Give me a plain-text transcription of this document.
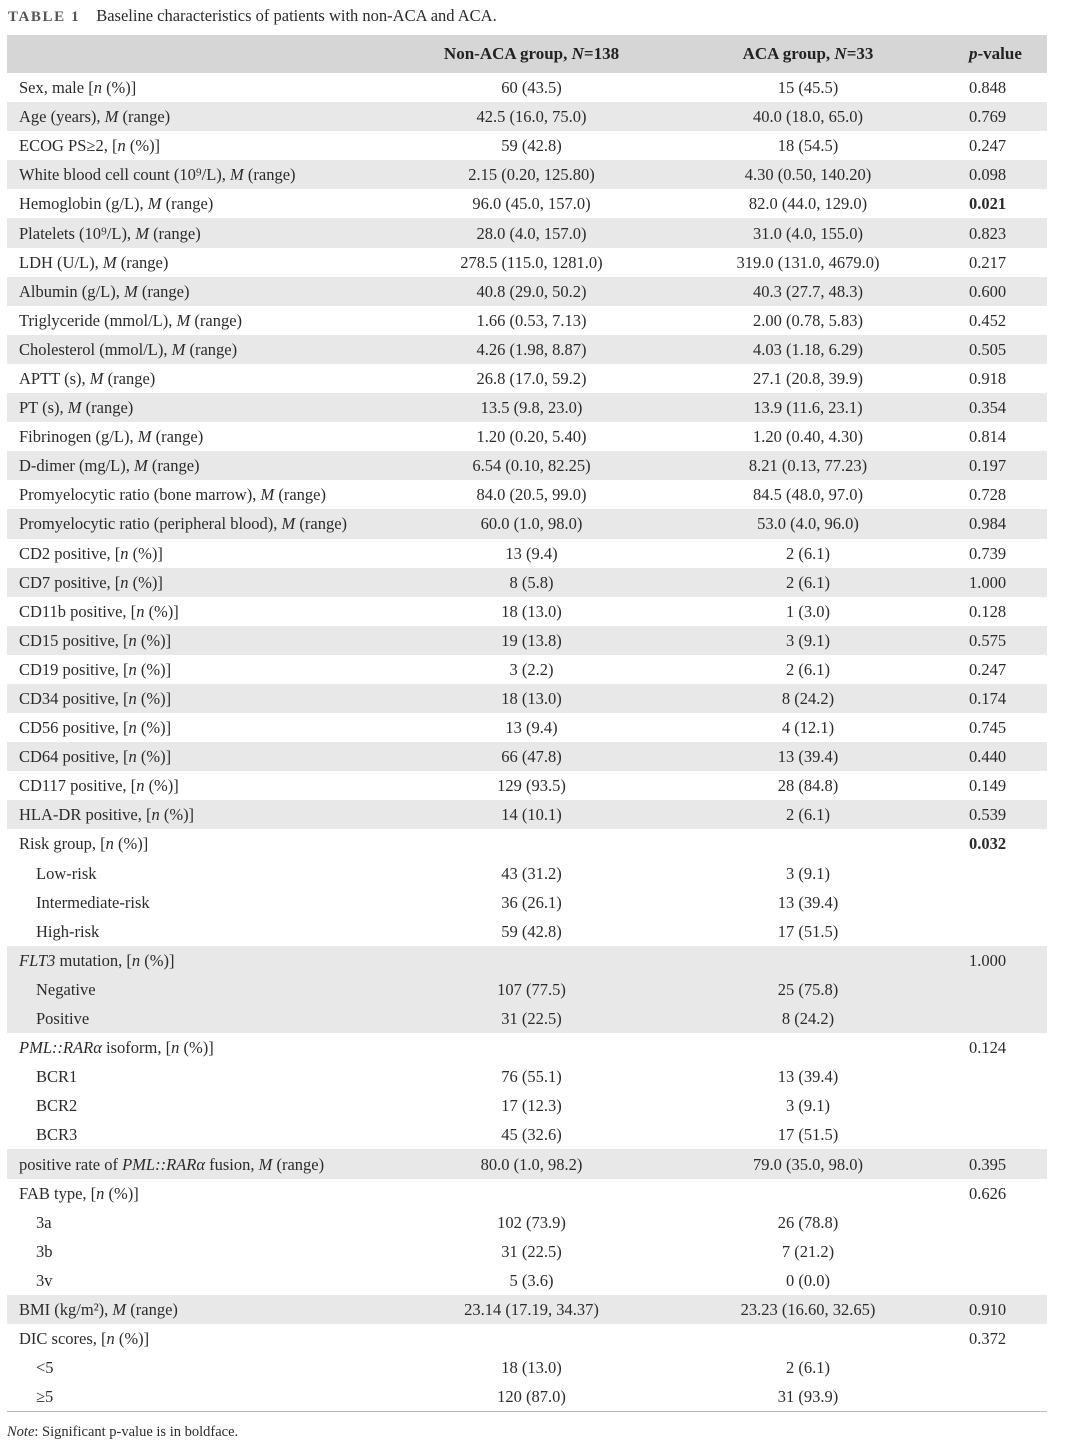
TABLE 1 Baseline characteristics of patients with non-ACA and ACA.
	Non-ACA group, N=138	ACA group, N=33	p-value
Sex, male [n (%)]	60 (43.5)	15 (45.5)	0.848
Age (years), M (range)	42.5 (16.0, 75.0)	40.0 (18.0, 65.0)	0.769
ECOG PS≥2, [n (%)]	59 (42.8)	18 (54.5)	0.247
White blood cell count (10⁹/L), M (range)	2.15 (0.20, 125.80)	4.30 (0.50, 140.20)	0.098
Hemoglobin (g/L), M (range)	96.0 (45.0, 157.0)	82.0 (44.0, 129.0)	0.021
Platelets (10⁹/L), M (range)	28.0 (4.0, 157.0)	31.0 (4.0, 155.0)	0.823
LDH (U/L), M (range)	278.5 (115.0, 1281.0)	319.0 (131.0, 4679.0)	0.217
Albumin (g/L), M (range)	40.8 (29.0, 50.2)	40.3 (27.7, 48.3)	0.600
Triglyceride (mmol/L), M (range)	1.66 (0.53, 7.13)	2.00 (0.78, 5.83)	0.452
Cholesterol (mmol/L), M (range)	4.26 (1.98, 8.87)	4.03 (1.18, 6.29)	0.505
APTT (s), M (range)	26.8 (17.0, 59.2)	27.1 (20.8, 39.9)	0.918
PT (s), M (range)	13.5 (9.8, 23.0)	13.9 (11.6, 23.1)	0.354
Fibrinogen (g/L), M (range)	1.20 (0.20, 5.40)	1.20 (0.40, 4.30)	0.814
D-dimer (mg/L), M (range)	6.54 (0.10, 82.25)	8.21 (0.13, 77.23)	0.197
Promyelocytic ratio (bone marrow), M (range)	84.0 (20.5, 99.0)	84.5 (48.0, 97.0)	0.728
Promyelocytic ratio (peripheral blood), M (range)	60.0 (1.0, 98.0)	53.0 (4.0, 96.0)	0.984
CD2 positive, [n (%)]	13 (9.4)	2 (6.1)	0.739
CD7 positive, [n (%)]	8 (5.8)	2 (6.1)	1.000
CD11b positive, [n (%)]	18 (13.0)	1 (3.0)	0.128
CD15 positive, [n (%)]	19 (13.8)	3 (9.1)	0.575
CD19 positive, [n (%)]	3 (2.2)	2 (6.1)	0.247
CD34 positive, [n (%)]	18 (13.0)	8 (24.2)	0.174
CD56 positive, [n (%)]	13 (9.4)	4 (12.1)	0.745
CD64 positive, [n (%)]	66 (47.8)	13 (39.4)	0.440
CD117 positive, [n (%)]	129 (93.5)	28 (84.8)	0.149
HLA-DR positive, [n (%)]	14 (10.1)	2 (6.1)	0.539
Risk group, [n (%)]			0.032
Low-risk	43 (31.2)	3 (9.1)	
Intermediate-risk	36 (26.1)	13 (39.4)	
High-risk	59 (42.8)	17 (51.5)	
FLT3 mutation, [n (%)]			1.000
Negative	107 (77.5)	25 (75.8)	
Positive	31 (22.5)	8 (24.2)	
PML::RARα isoform, [n (%)]			0.124
BCR1	76 (55.1)	13 (39.4)	
BCR2	17 (12.3)	3 (9.1)	
BCR3	45 (32.6)	17 (51.5)	
positive rate of PML::RARα fusion, M (range)	80.0 (1.0, 98.2)	79.0 (35.0, 98.0)	0.395
FAB type, [n (%)]			0.626
3a	102 (73.9)	26 (78.8)	
3b	31 (22.5)	7 (21.2)	
3v	5 (3.6)	0 (0.0)	
BMI (kg/m²), M (range)	23.14 (17.19, 34.37)	23.23 (16.60, 32.65)	0.910
DIC scores, [n (%)]			0.372
<5	18 (13.0)	2 (6.1)	
≥5	120 (87.0)	31 (93.9)	
Note: Significant p-value is in boldface.
